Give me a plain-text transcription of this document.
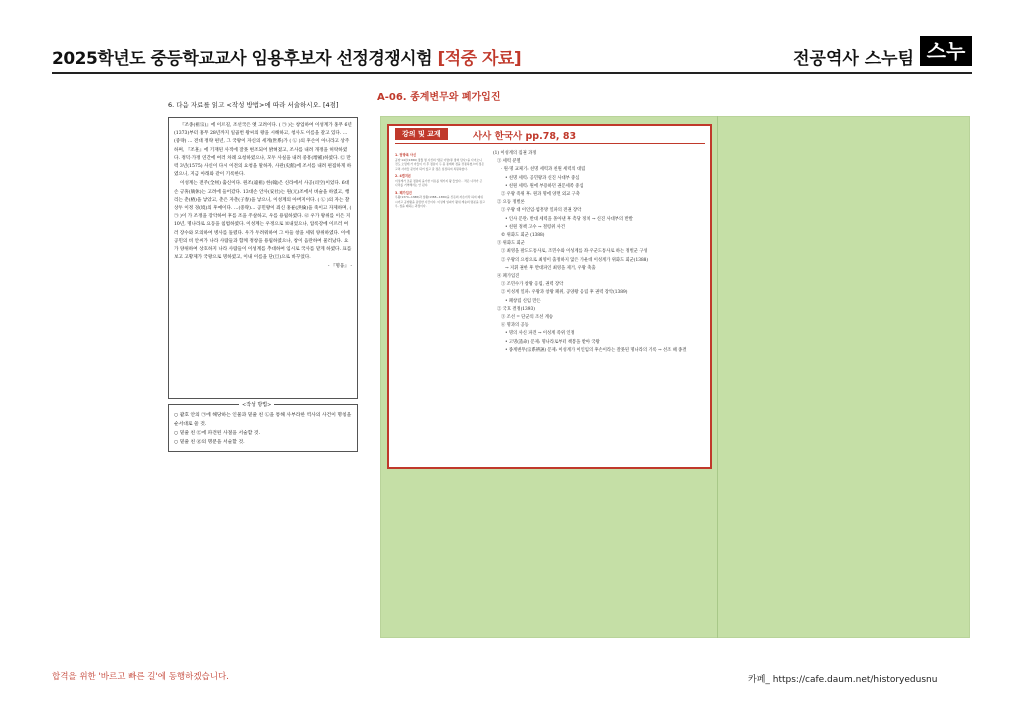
2025학년도 중등학교교사 임용후보자 선정경쟁시험 [적중 자료]	전공역사 스누팀 스누
6. 다음 자료를 읽고 <작성 방법>에 따라 서술하시오. [4점]

『조종(祖宗)』에 이르길, 조선국은 옛 고려이다. ( ㉠ )는 창업하여 이성계가 홍무 6년(1373)부터 홍무 28년까지 일곱번 왕씨의 왕을 시해하고, 청사도 이름을 갈고 있다. … (중략) … 전대 정략 편년, 그 국왕이 자신의 세계(世系)가 ( ㉡ )의 후손이 아니라고 상주하며, 『조훈』에 기재된 사적에 잘못 변조되어 밝혀졌고, 조사를 내려 개정을 허락하였다. 정덕·가정 연간에 여러 차례 요청하였으나, 모두 사실을 내려 중흥(增補)하였다. ㉢ 만력 3년(1575) 사신이 다시 이전의 요청을 말하자, 사관(史館)에 조서를 내려 편집하게 하였으니, 지금 아래와 같이 기록한다.

이성계는 전주(全州) 출신이다. 원조(遠祖) 한(翰)은 신라에서 사공(司空)이었다. 6대손 긍휴(兢休)는 고려에 들어갔다. 13대손 안사(安社)는 원(元)조에서 벼슬을 하였고, 행리는 춘(椿)을 낳았고, 춘은 자춘(子春)을 낳으니, 이성계의 아버지이다. ( ㉡ )의 자는 찰상두 이정 경(境)의 후예이다. …(중략)… 공민왕이 죄신 홍륜(洪倫)을 죽이고 자제하며, ( ㉠ )이 가 조정을 장악하여 후를 조을 주살하고, 우를 용립하였다. ㉣ 우가 왕위를 이은 지 10년, 명나라로 요동을 침범하였다. 이성계는 우정으로 보내었으나, 압록강에 이르러 여러 장수와 모의하여 병사를 돌렸다. 우가 두려워하여 그 아들 창을 세워 양위하였다. 이에 공민의 비 안씨가 나라 사람들과 함께 정창을 용립하였으나, 창이 음란하여 물러났다. 요가 양위하여 상호하지 나라 사람들이 이성계를 추대하여 임시로 국사를 맡게 하였다. 표를 보고 고황제가 국왕으로 명하였고, 이내 이름을 단(旦)으로 바꾸었다.

- 『명융』 -

<작성 방법>
○ 괄호 안의 ㉠에 해당하는 인물과 밑줄 친 ㉡을 통해 사부라한 역사의 사건이 명칭을 순서대로 쓸 것.
○ 밑줄 친 ㉢에 파견된 사절을 서술할 것.
○ 밑줄 친 ㉣의 명분을 서술할 것.
A-06. 종계변무와 폐가입진
강의 및 교재	사사 한국사 pp.78, 83
1. 탐방록 사신
공양 14년(1389) 정월 명 사신의 '명문 이방(李 방의 탐사)'을 다녀오니 전도 오렁에 가 아들이 이 후 정분이 두 풍 통례와 정을 전통하였으며 정은 고려 사자들 문헌이 되어 있고 갈 정은 심장하여 복원하였다.
2. 4별지론
이성계가 조중 정통의 을기한 이유를 세가지 왕 들었다. · 작은 나라가 큰 나라를 거역해서는 안 된다.
3. 폐가입진
우왕(1374~1388)과 창왕(1388~1389)을 신돈의 자손이라 하여 폐위시키고 공양왕을 옹립한 사건이다. 이성계 일파가 왕위 계승의 명분을 잡고 우, 창을 폐하는 과정이다.
(1) 이성계의 집권 과정
① 세력 분열
· 원·명 교체기: 친명 세력과 친원 세력의 대립
• 친명 세력: 공민왕과 신진 사대부 중심
• 친원 세력: 원에 부용하던 권문세족 중심
② 우왕 즉위 후: 원과 명에 양면 외교 구축
② 요동 정벌론
① 우왕 대 이인임·염흥방 일파의 전권 장악
• 인사 문란: 반대 세력을 몰아낸 후 측당 정치 → 신진 사대부의 반발
• 친원 정책 고수 → 철령위 사건
© 위화도 회군 (1388)
③ 위화도 회군
① 최영을 팔도도통사로, 조민수와 이성계를 좌·우군도통사로 하는 정벌군 구성
② 우왕의 요청으로 최영이 출정하지 않은 가운데 이성계가 위화도 회군(1388)
→ 지휘 권한 후 반대파인 최영을 제거, 우왕 축출
④ 폐가입진
① 조민수가 창왕 옹립, 권력 장악
② 이성계 일파: 우왕과 창왕 폐위, 공양왕 옹립 후 권력 장악(1389)
• 폐창립 신임 만든
② 국호 결정(1393)
③ 조선 = 단군의 조선 계승
⑥ 명과의 공동
• 명의 사신 파견 → 이성계 즉위 인정
• 고명(誥命) 문제: 명나라로부터 책봉을 받아 국왕
• 종계변무(宗系辨誣) 문제: 이성계가 이인임의 후손이라는 잘못된 명나라의 기록 → 선조 때 종결
합격을 위한 '바르고 빠른 길'에 동행하겠습니다.	카페_ https://cafe.daum.net/historyedusnu
